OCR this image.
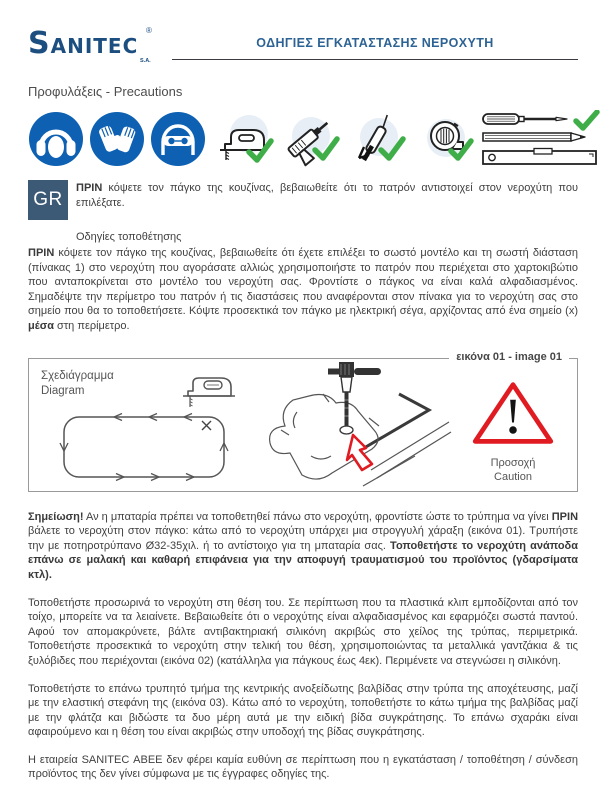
SANITEC
®
S.A.
ΟΔΗΓΙΕΣ ΕΓΚΑΤΑΣΤΑΣΗΣ ΝΕΡΟΧΥΤΗ
Προφυλάξεις - Precautions
GR
ΠΡΙΝ κόψετε τον πάγκο της κουζίνας, βεβαιωθείτε ότι το πατρόν αντιστοιχεί στον νεροχύτη που επιλέξατε.
Οδηγίες τοποθέτησης
ΠΡΙΝ κόψετε τον πάγκο της κουζίνας, βεβαιωθείτε ότι έχετε επιλέξει το σωστό μοντέλο και τη σωστή διάσταση (πίνακας 1) στο νεροχύτη που αγοράσατε αλλιώς χρησιμοποιήστε το πατρόν που περιέχεται στο χαρτοκιβώτιο που ανταποκρίνεται στο μοντέλο του νεροχύτη σας. Φροντίστε ο πάγκος να είναι καλά αλφαδιασμένος. Σημαδέψτε την περίμετρο του πατρόν ή τις διαστάσεις που αναφέρονται στον πίνακα για το νεροχύτη σας στο σημείο που θα το τοποθετήσετε. Κόψτε προσεκτικά τον πάγκο με ηλεκτρική σέγα, αρχίζοντας από ένα σημείο (x) μέσα στη περίμετρο.
εικόνα 01 - image 01
Σχεδιάγραμμα
Diagram
Προσοχή
Caution
Σημείωση! Αν η μπαταρία πρέπει να τοποθετηθεί πάνω στο νεροχύτη, φροντίστε ώστε το τρύπημα να γίνει ΠΡΙΝ βάλετε το νεροχύτη στον πάγκο: κάτω από το νεροχύτη υπάρχει μια στρογγυλή χάραξη (εικόνα 01). Τρυπήστε την με ποτηροτρύπανο Ø32-35χιλ. ή το αντίστοιχο για τη μπαταρία σας. Τοποθετήστε το νεροχύτη ανάποδα επάνω σε μαλακή και καθαρή επιφάνεια για την αποφυγή τραυματισμού του προϊόντος (γδαρσίματα κτλ).
Τοποθετήστε προσωρινά το νεροχύτη στη θέση του. Σε περίπτωση που τα πλαστικά κλιπ εμποδίζονται από τον τοίχο, μπορείτε να τα λειαίνετε. Βεβαιωθείτε ότι ο νεροχύτης είναι αλφαδιασμένος και εφαρμόζει σωστά παντού. Αφού τον απομακρύνετε, βάλτε αντιβακτηριακή σιλικόνη ακριβώς στο χείλος της τρύπας, περιμετρικά. Τοποθετήστε προσεκτικά το νεροχύτη στην τελική του θέση, χρησιμοποιώντας τα μεταλλικά γαντζάκια & τις ξυλόβιδες που περιέχονται (εικόνα 02) (κατάλληλα για πάγκους έως 4εκ). Περιμένετε να στεγνώσει η σιλικόνη.
Τοποθετήστε το επάνω τρυπητό τμήμα της κεντρικής ανοξείδωτης βαλβίδας στην τρύπα της αποχέτευσης, μαζί με την ελαστική στεφάνη της (εικόνα 03). Κάτω από το νεροχύτη, τοποθετήστε το κάτω τμήμα της βαλβίδας μαζί με την φλάτζα και βιδώστε τα δυο μέρη αυτά με την ειδική βίδα συγκράτησης. Το επάνω σχαράκι είναι αφαιρούμενο και η θέση του είναι ακριβώς στην υποδοχή της βίδας συγκράτησης.
Η εταιρεία SANITEC ΑΒΕΕ δεν φέρει καμία ευθύνη σε περίπτωση που η εγκατάσταση / τοποθέτηση / σύνδεση προϊόντος της δεν γίνει σύμφωνα με τις έγγραφες οδηγίες της.
